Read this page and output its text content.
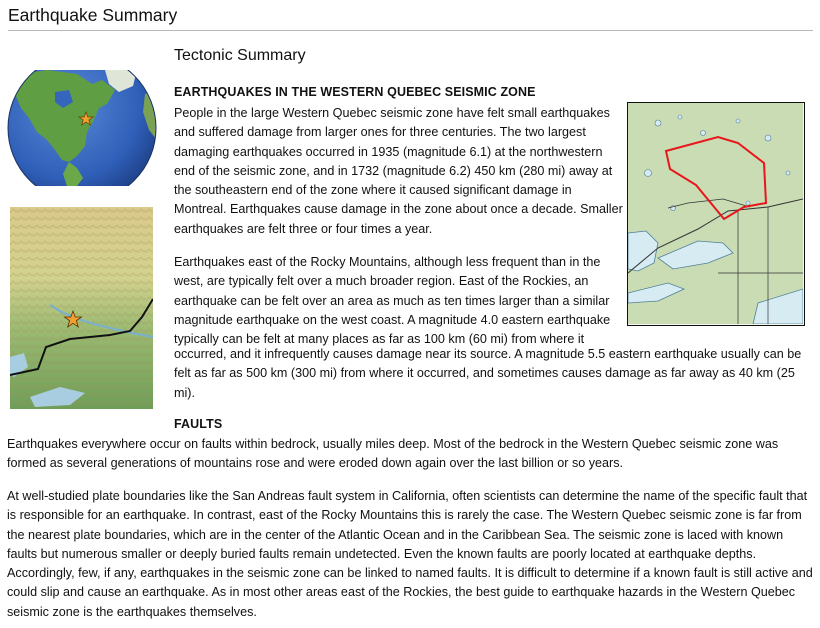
Earthquake Summary
Tectonic Summary
EARTHQUAKES IN THE WESTERN QUEBEC SEISMIC ZONE

People in the large Western Quebec seismic zone have felt small earthquakes and suffered damage from larger ones for three centuries. The two largest damaging earthquakes occurred in 1935 (magnitude 6.1) at the northwestern end of the seismic zone, and in 1732 (magnitude 6.2) 450 km (280 mi) away at the southeastern end of the zone where it caused significant damage in Montreal. Earthquakes cause damage in the zone about once a decade. Smaller earthquakes are felt three or four times a year.

Earthquakes east of the Rocky Mountains, although less frequent than in the west, are typically felt over a much broader region. East of the Rockies, an earthquake can be felt over an area as much as ten times larger than a similar magnitude earthquake on the west coast. A magnitude 4.0 eastern earthquake typically can be felt at many places as far as 100 km (60 mi) from where it

occurred, and it infrequently causes damage near its source. A magnitude 5.5 eastern earthquake usually can be felt as far as 500 km (300 mi) from where it occurred, and sometimes causes damage as far away as 40 km (25 mi).

FAULTS

Earthquakes everywhere occur on faults within bedrock, usually miles deep. Most of the bedrock in the Western Quebec seismic zone was formed as several generations of mountains rose and were eroded down again over the last billion or so years.

At well-studied plate boundaries like the San Andreas fault system in California, often scientists can determine the name of the specific fault that is responsible for an earthquake. In contrast, east of the Rocky Mountains this is rarely the case. The Western Quebec seismic zone is far from the nearest plate boundaries, which are in the center of the Atlantic Ocean and in the Caribbean Sea. The seismic zone is laced with known faults but numerous smaller or deeply buried faults remain undetected. Even the known faults are poorly located at earthquake depths. Accordingly, few, if any, earthquakes in the seismic zone can be linked to named faults. It is difficult to determine if a known fault is still active and could slip and cause an earthquake. As in most other areas east of the Rockies, the best guide to earthquake hazards in the Western Quebec seismic zone is the earthquakes themselves.
